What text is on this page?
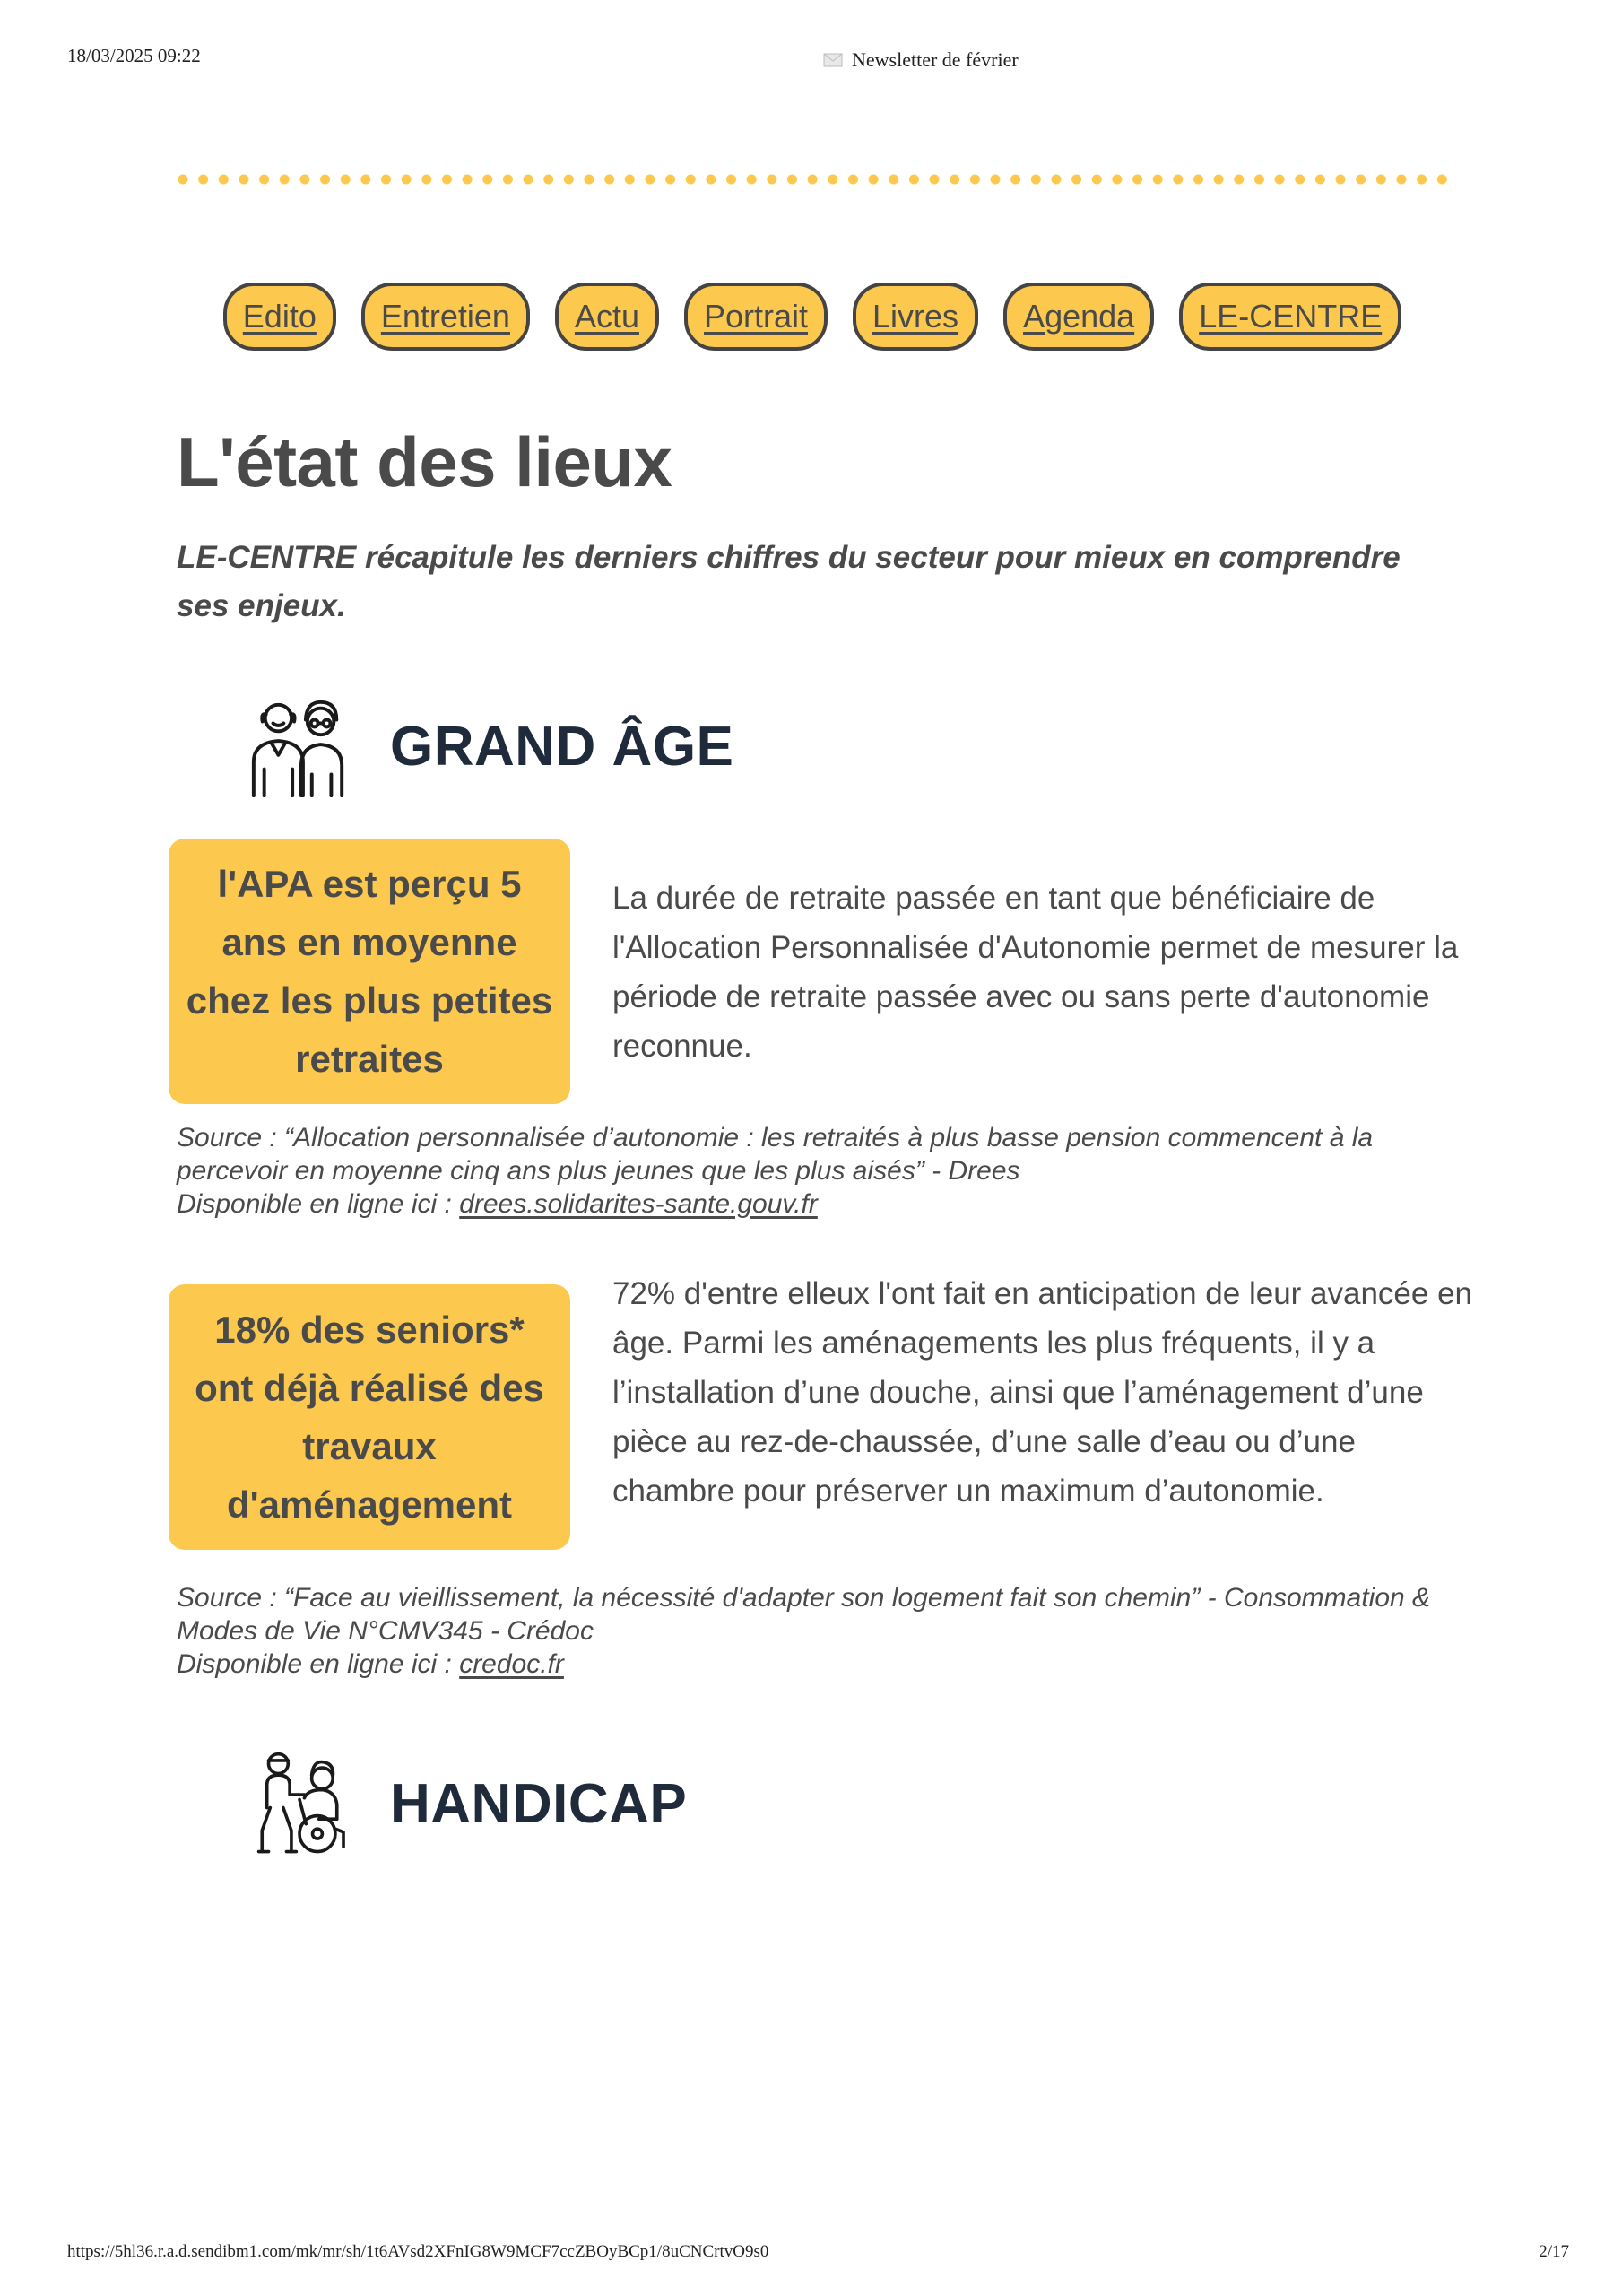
18/03/2025 09:22	Newsletter de février
https://5hl36.r.a.d.sendibm1.com/mk/mr/sh/1t6AVsd2XFnIG8W9MCF7ccZBOyBCp1/8uCNCrtvO9s0	2/17
Edito	Entretien	Actu	Portrait	Livres	Agenda	LE-CENTRE
L'état des lieux

LE-CENTRE récapitule les derniers chiffres du secteur pour mieux en comprendre ses enjeux.

GRAND ÂGE
l'APA est perçu 5 ans en moyenne chez les plus petites retraites

La durée de retraite passée en tant que bénéficiaire de l'Allocation Personnalisée d'Autonomie permet de mesurer la période de retraite passée avec ou sans perte d'autonomie reconnue.

Source : “Allocation personnalisée d’autonomie : les retraités à plus basse pension commencent à la percevoir en moyenne cinq ans plus jeunes que les plus aisés” - Drees
Disponible en ligne ici : drees.solidarites-sante.gouv.fr
18% des seniors* ont déjà réalisé des travaux d'aménagement

72% d'entre elleux l'ont fait en anticipation de leur avancée en âge. Parmi les aménagements les plus fréquents, il y a l’installation d’une douche, ainsi que l’aménagement d’une pièce au rez-de-chaussée, d’une salle d’eau ou d’une chambre pour préserver un maximum d’autonomie.

Source : “Face au vieillissement, la nécessité d'adapter son logement fait son chemin” - Consommation & Modes de Vie N°CMV345 - Crédoc
Disponible en ligne ici : credoc.fr
HANDICAP
